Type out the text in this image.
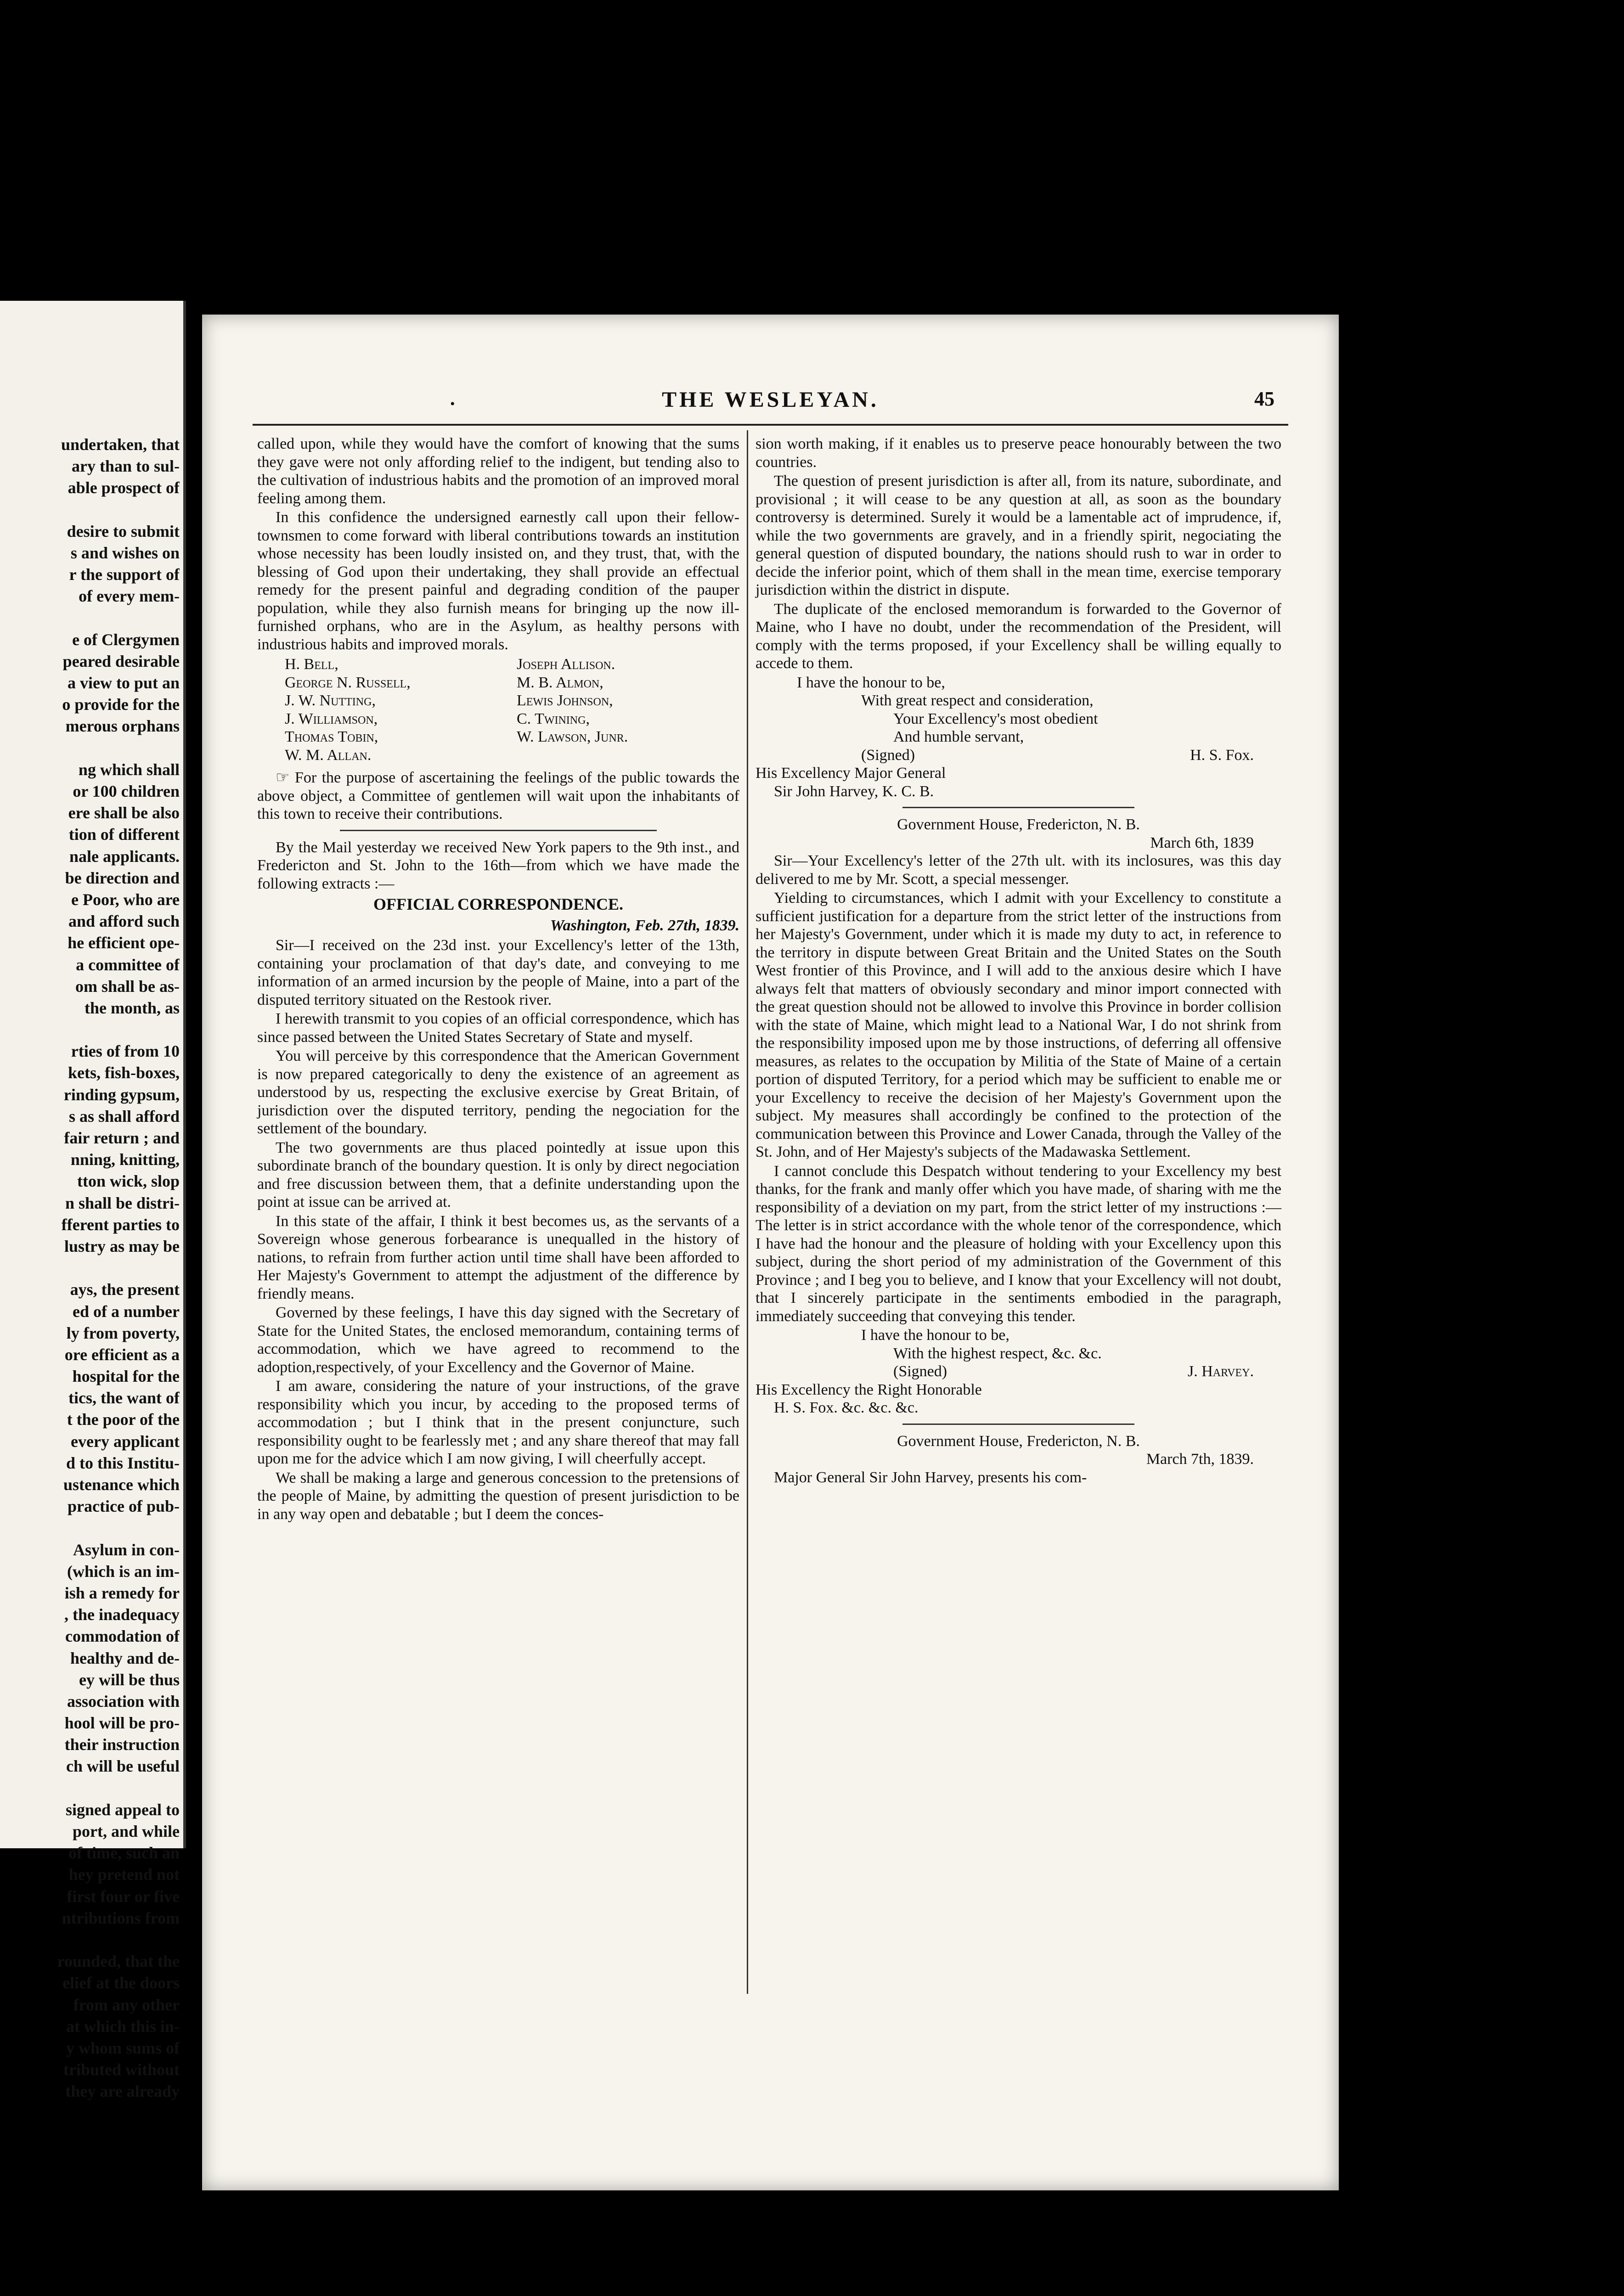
undertaken, that
ary than to sul-
able prospect of
desire to submit
s and wishes on
r the support of
of every mem-
e of Clergymen
peared desirable
a view to put an
o provide for the
merous orphans
ng which shall
or 100 children
ere shall be also
tion of different
nale applicants.
be direction and
e Poor, who are
and afford such
he efficient ope-
a committee of
om shall be as-
the month, as
rties of from 10
kets, fish-boxes,
rinding gypsum,
s as shall afford
fair return ; and
nning, knitting,
tton wick, slop
n shall be distri-
fferent parties to
lustry as may be
ays, the present
ed of a number
ly from poverty,
ore efficient as a
hospital for the
tics, the want of
t the poor of the
every applicant
d to this Institu-
ustenance which
practice of pub-
Asylum in con-
(which is an im-
ish a remedy for
, the inadequacy
commodation of
healthy and de-
ey will be thus
association with
hool will be pro-
their instruction
ch will be useful
signed appeal to
port, and while
of time, such an
hey pretend not
first four or five
ntributions from
rounded, that the
elief at the doors
from any other
at which this in-
y whom sums of
tributed without
they are already
•	THE WESLEYAN.	45

called upon, while they would have the comfort of knowing that the sums they gave were not only affording relief to the indigent, but tending also to the cultivation of industrious habits and the promotion of an improved moral feeling among them.

In this confidence the undersigned earnestly call upon their fellow-townsmen to come forward with liberal contributions towards an institution whose necessity has been loudly insisted on, and they trust, that, with the blessing of God upon their undertaking, they shall provide an effectual remedy for the present painful and degrading condition of the pauper population, while they also furnish means for bringing up the now ill-furnished orphans, who are in the Asylum, as healthy persons with industrious habits and improved morals.

H. Bell,	Joseph Allison.
George N. Russell,	M. B. Almon,
J. W. Nutting,	Lewis Johnson,
J. Williamson,	C. Twining,
Thomas Tobin,	W. Lawson, Junr.
W. M. Allan.

☞ For the purpose of ascertaining the feelings of the public towards the above object, a Committee of gentlemen will wait upon the inhabitants of this town to receive their contributions.

By the Mail yesterday we received New York papers to the 9th inst., and Fredericton and St. John to the 16th—from which we have made the following extracts :—

OFFICIAL CORRESPONDENCE.
Washington, Feb. 27th, 1839.

Sir—I received on the 23d inst. your Excellency's letter of the 13th, containing your proclamation of that day's date, and conveying to me information of an armed incursion by the people of Maine, into a part of the disputed territory situated on the Restook river.

I herewith transmit to you copies of an official correspondence, which has since passed between the United States Secretary of State and myself.

You will perceive by this correspondence that the American Government is now prepared categorically to deny the existence of an agreement as understood by us, respecting the exclusive exercise by Great Britain, of jurisdiction over the disputed territory, pending the negociation for the settlement of the boundary.

The two governments are thus placed pointedly at issue upon this subordinate branch of the boundary question. It is only by direct negociation and free discussion between them, that a definite understanding upon the point at issue can be arrived at.

In this state of the affair, I think it best becomes us, as the servants of a Sovereign whose generous forbearance is unequalled in the history of nations, to refrain from further action until time shall have been afforded to Her Majesty's Government to attempt the adjustment of the difference by friendly means.

Governed by these feelings, I have this day signed with the Secretary of State for the United States, the enclosed memorandum, containing terms of accommodation, which we have agreed to recommend to the adoption,respectively, of your Excellency and the Governor of Maine.

I am aware, considering the nature of your instructions, of the grave responsibility which you incur, by acceding to the proposed terms of accommodation ; but I think that in the present conjuncture, such responsibility ought to be fearlessly met ; and any share thereof that may fall upon me for the advice which I am now giving, I will cheerfully accept.

We shall be making a large and generous concession to the pretensions of the people of Maine, by admitting the question of present jurisdiction to be in any way open and debatable ; but I deem the conces-

sion worth making, if it enables us to preserve peace honourably between the two countries.

The question of present jurisdiction is after all, from its nature, subordinate, and provisional ; it will cease to be any question at all, as soon as the boundary controversy is determined. Surely it would be a lamentable act of imprudence, if, while the two governments are gravely, and in a friendly spirit, negociating the general question of disputed boundary, the nations should rush to war in order to decide the inferior point, which of them shall in the mean time, exercise temporary jurisdiction within the district in dispute.

The duplicate of the enclosed memorandum is forwarded to the Governor of Maine, who I have no doubt, under the recommendation of the President, will comply with the terms proposed, if your Excellency shall be willing equally to accede to them.

I have the honour to be,
With great respect and consideration,
Your Excellency's most obedient
And humble servant,
(Signed)	H. S. Fox.
His Excellency Major General
Sir John Harvey, K. C. B.
Government House, Fredericton, N. B.
March 6th, 1839

Sir—Your Excellency's letter of the 27th ult. with its inclosures, was this day delivered to me by Mr. Scott, a special messenger.

Yielding to circumstances, which I admit with your Excellency to constitute a sufficient justification for a departure from the strict letter of the instructions from her Majesty's Government, under which it is made my duty to act, in reference to the territory in dispute between Great Britain and the United States on the South West frontier of this Province, and I will add to the anxious desire which I have always felt that matters of obviously secondary and minor import connected with the great question should not be allowed to involve this Province in border collision with the state of Maine, which might lead to a National War, I do not shrink from the responsibility imposed upon me by those instructions, of deferring all offensive measures, as relates to the occupation by Militia of the State of Maine of a certain portion of disputed Territory, for a period which may be sufficient to enable me or your Excellency to receive the decision of her Majesty's Government upon the subject. My measures shall accordingly be confined to the protection of the communication between this Province and Lower Canada, through the Valley of the St. John, and of Her Majesty's subjects of the Madawaska Settlement.

I cannot conclude this Despatch without tendering to your Excellency my best thanks, for the frank and manly offer which you have made, of sharing with me the responsibility of a deviation on my part, from the strict letter of my instructions :—The letter is in strict accordance with the whole tenor of the correspondence, which I have had the honour and the pleasure of holding with your Excellency upon this subject, during the short period of my administration of the Government of this Province ; and I beg you to believe, and I know that your Excellency will not doubt, that I sincerely participate in the sentiments embodied in the paragraph, immediately succeeding that conveying this tender.

I have the honour to be,
With the highest respect, &c. &c.
(Signed)	J. Harvey.
His Excellency the Right Honorable
H. S. Fox. &c. &c. &c.
Government House, Fredericton, N. B.
March 7th, 1839.

Major General Sir John Harvey, presents his com-
